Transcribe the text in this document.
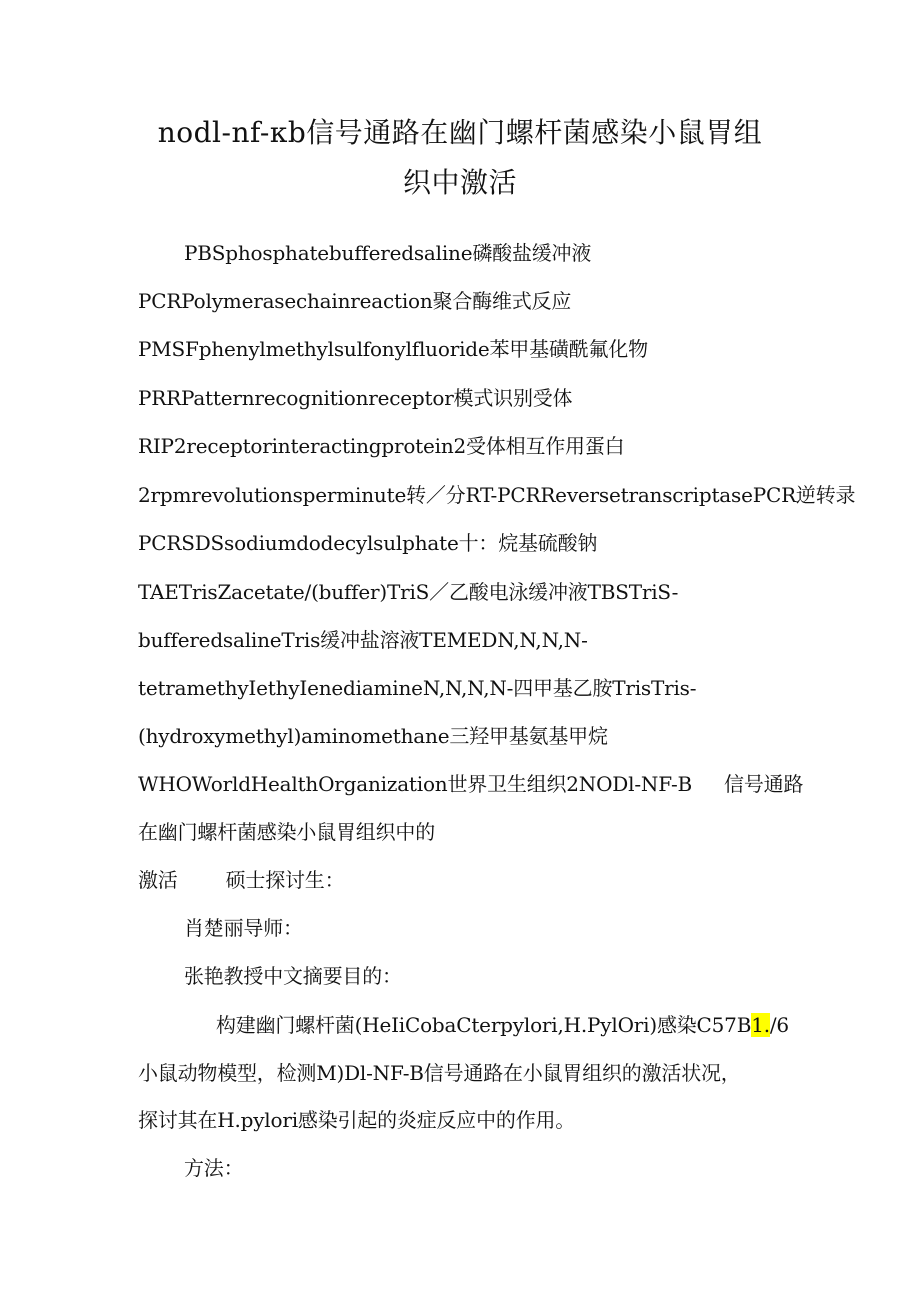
nodl-nf-κb信号通路在幽门螺杆菌感染小鼠胃组
织中激活
PBSphosphatebufferedsaline磷酸盐缓冲液
PCRPolymerasechainreaction聚合酶维式反应
PMSFphenylmethylsulfonylfluoride苯甲基磺酰氟化物
PRRPatternrecognitionreceptor模式识别受体
RIP2receptorinteractingprotein2受体相互作用蛋白
2rpmrevolutionsperminute转／分RT-PCRReversetranscriptasePCR逆转录
PCRSDSsodiumdodecylsulphate十：烷基硫酸钠
TAETrisZacetate/(buffer)TriS／乙酸电泳缓冲液TBSTriS-
bufferedsalineTris缓冲盐溶液TEMEDN,N,N,N-
tetramethyIethyIenediamineN,N,N,N-四甲基乙胺TrisTris-
(hydroxymethyl)aminomethane三羟甲基氨基甲烷
WHOWorldHealthOrganization世界卫生组织2NODl-NF-B 信号通路
在幽门螺杆菌感染小鼠胃组织中的
激活 硕士探讨生：
肖楚丽导师：
张艳教授中文摘要目的：
构建幽门螺杆菌(HeIiCobaCterpylori,H.PylOri)感染C57B1./6
小鼠动物模型，检测M)Dl-NF-B信号通路在小鼠胃组织的激活状况，
探讨其在H.pylori感染引起的炎症反应中的作用。
方法：
